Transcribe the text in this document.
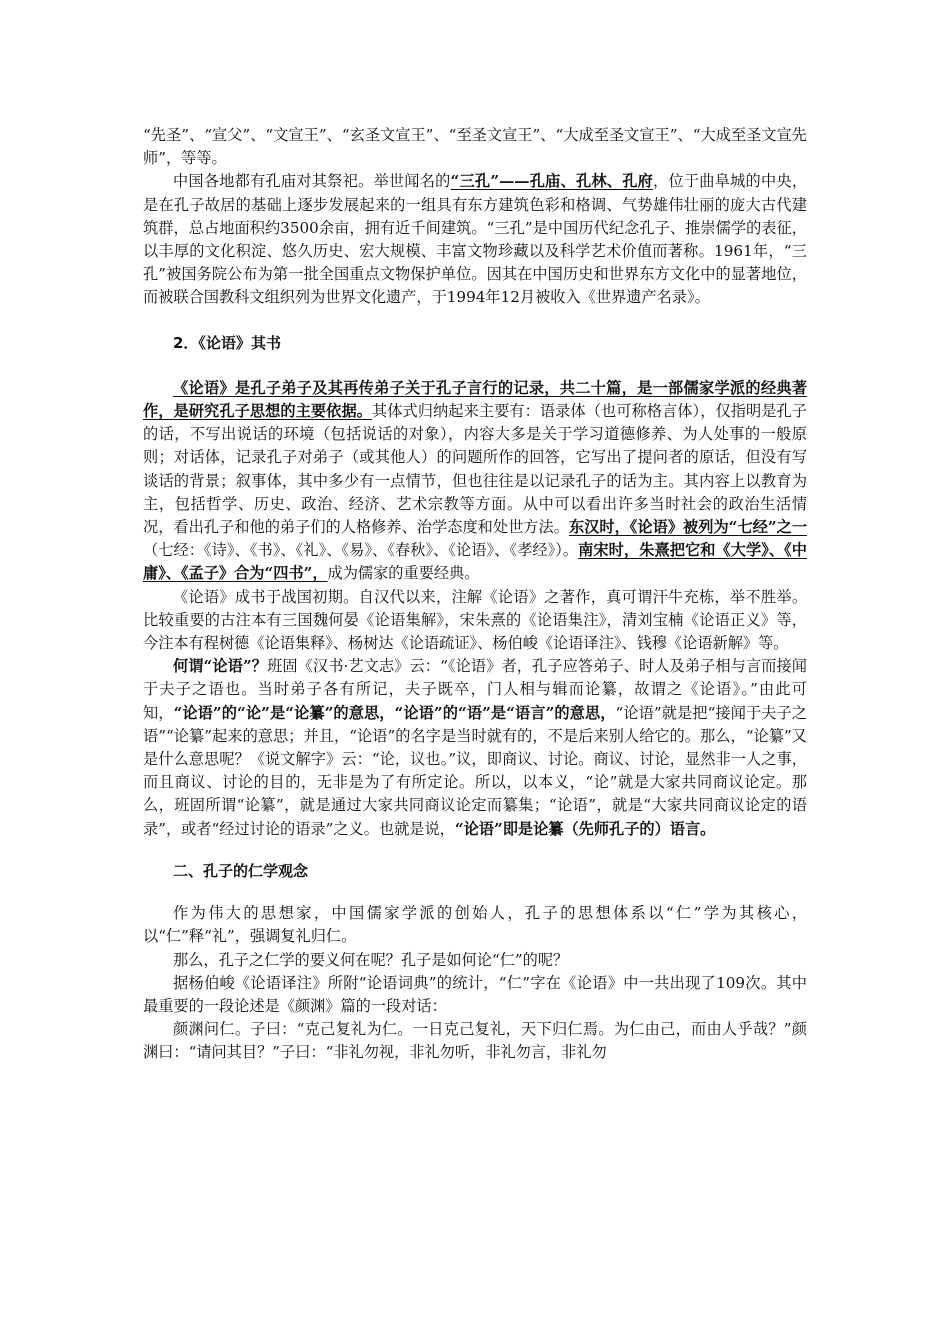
“先圣”、“宣父”、“文宣王”、“玄圣文宣王”、“至圣文宣王”、“大成至圣文宣王”、“大成至圣文宣先师”，等等。

中国各地都有孔庙对其祭祀。举世闻名的“三孔”——孔庙、孔林、孔府，位于曲阜城的中央，是在孔子故居的基础上逐步发展起来的一组具有东方建筑色彩和格调、气势雄伟壮丽的庞大古代建筑群，总占地面积约3500余亩，拥有近千间建筑。“三孔”是中国历代纪念孔子、推崇儒学的表征，以丰厚的文化积淀、悠久历史、宏大规模、丰富文物珍藏以及科学艺术价值而著称。1961年，“三孔”被国务院公布为第一批全国重点文物保护单位。因其在中国历史和世界东方文化中的显著地位，而被联合国教科文组织列为世界文化遗产，于1994年12月被收入《世界遗产名录》。

2．《论语》其书

《论语》是孔子弟子及其再传弟子关于孔子言行的记录，共二十篇，是一部儒家学派的经典著作，是研究孔子思想的主要依据。其体式归纳起来主要有：语录体（也可称格言体），仅指明是孔子的话，不写出说话的环境（包括说话的对象），内容大多是关于学习道德修养、为人处事的一般原则；对话体，记录孔子对弟子（或其他人）的问题所作的回答，它写出了提问者的原话，但没有写谈话的背景；叙事体，其中多少有一点情节，但也往往是以记录孔子的话为主。其内容上以教育为主，包括哲学、历史、政治、经济、艺术宗教等方面。从中可以看出许多当时社会的政治生活情况，看出孔子和他的弟子们的人格修养、治学态度和处世方法。东汉时，《论语》被列为“七经”之一（七经：《诗》、《书》、《礼》、《易》、《春秋》、《论语》、《孝经》）。南宋时，朱熹把它和《大学》、《中庸》、《孟子》合为“四书”，成为儒家的重要经典。

《论语》成书于战国初期。自汉代以来，注解《论语》之著作，真可谓汗牛充栋，举不胜举。比较重要的古注本有三国魏何晏《论语集解》，宋朱熹的《论语集注》，清刘宝楠《论语正义》等，今注本有程树德《论语集释》、杨树达《论语疏证》、杨伯峻《论语译注》、钱穆《论语新解》等。

何谓“论语”？班固《汉书·艺文志》云：“《论语》者，孔子应答弟子、时人及弟子相与言而接闻于夫子之语也。当时弟子各有所记，夫子既卒，门人相与辑而论纂，故谓之《论语》。”由此可知，“论语”的“论”是“论纂”的意思，“论语”的“语”是“语言”的意思，“论语”就是把“接闻于夫子之语”“论纂”起来的意思；并且，“论语”的名字是当时就有的，不是后来别人给它的。那么，“论纂”又是什么意思呢？《说文解字》云：“论，议也。”议，即商议、讨论。商议、讨论，显然非一人之事，而且商议、讨论的目的，无非是为了有所定论。所以，以本义，“论”就是大家共同商议论定。那么，班固所谓“论纂”，就是通过大家共同商议论定而纂集；“论语”，就是“大家共同商议论定的语录”，或者“经过讨论的语录”之义。也就是说，“论语”即是论纂（先师孔子的）语言。

二、孔子的仁学观念

作为伟大的思想家，中国儒家学派的创始人，孔子的思想体系以“仁”学为其核心，以“仁”释“礼”，强调复礼归仁。

那么，孔子之仁学的要义何在呢？孔子是如何论“仁”的呢？

据杨伯峻《论语译注》所附“论语词典”的统计，“仁”字在《论语》中一共出现了109次。其中最重要的一段论述是《颜渊》篇的一段对话：

颜渊问仁。子曰：“克己复礼为仁。一日克己复礼，天下归仁焉。为仁由己，而由人乎哉？”颜渊曰：“请问其目？”子曰：“非礼勿视，非礼勿听，非礼勿言，非礼勿
